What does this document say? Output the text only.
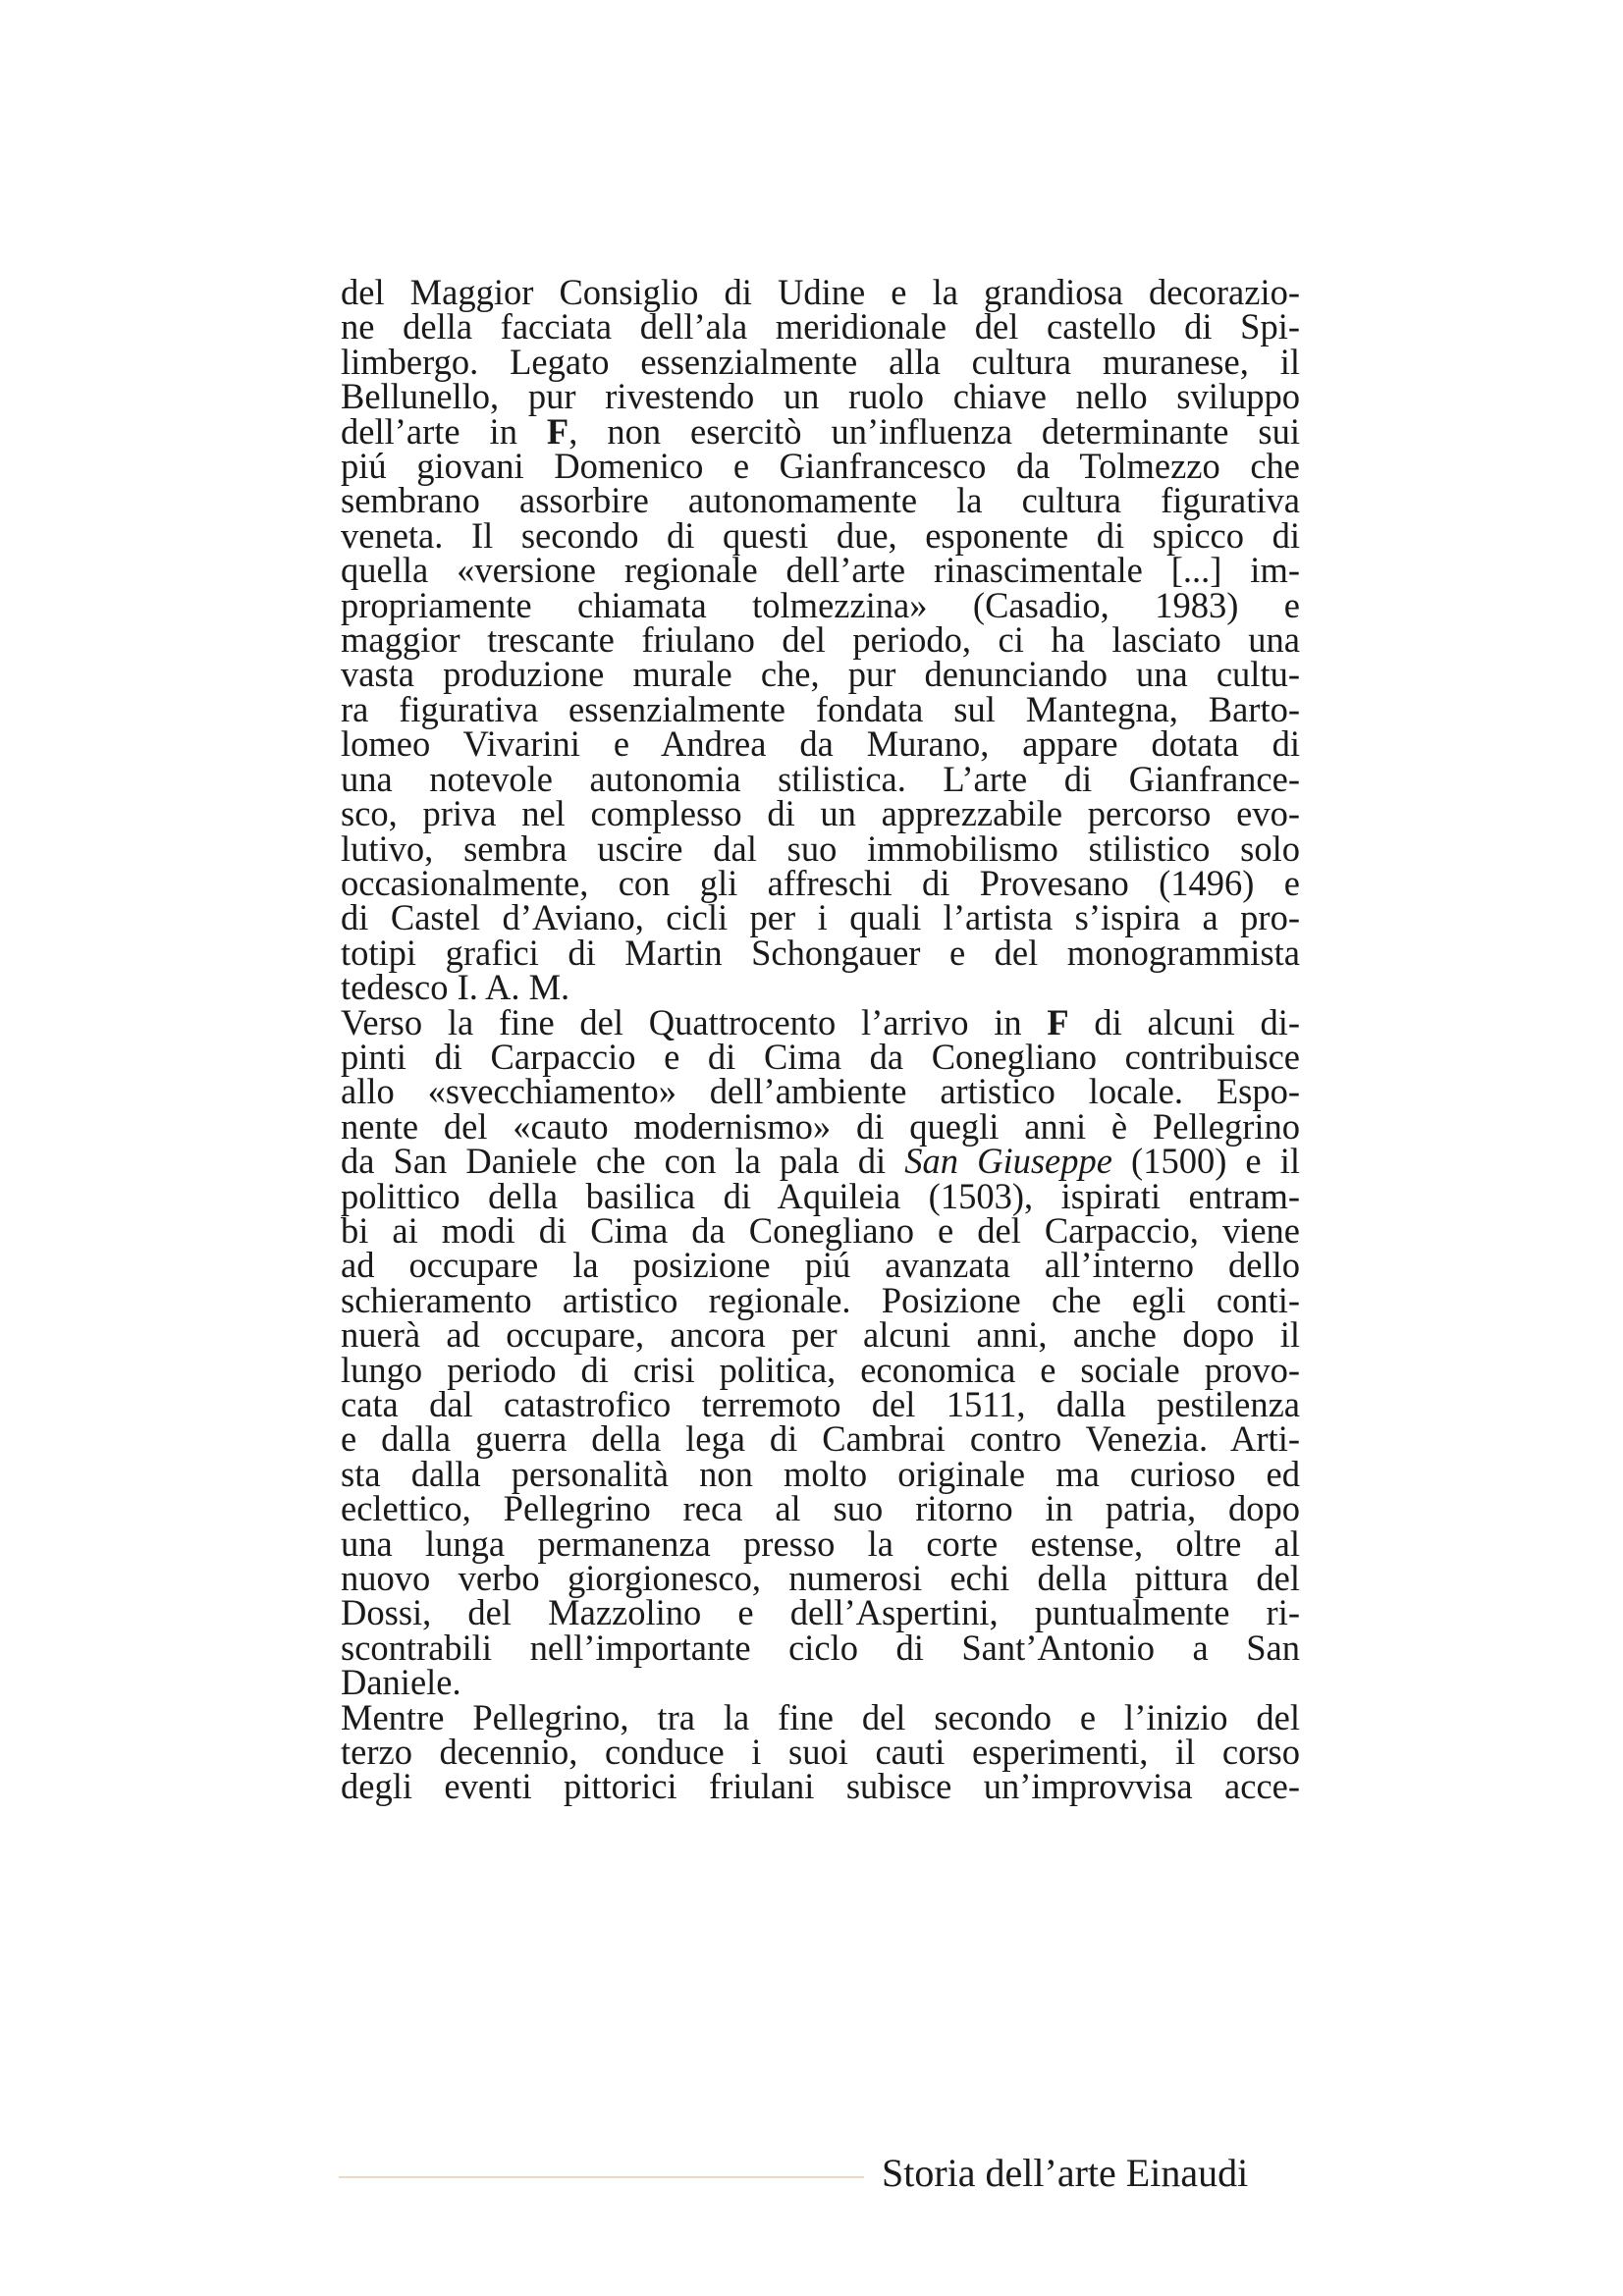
del Maggior Consiglio di Udine e la grandiosa decorazio-
ne della facciata dell’ala meridionale del castello di Spi-
limbergo. Legato essenzialmente alla cultura muranese, il
Bellunello, pur rivestendo un ruolo chiave nello sviluppo
dell’arte in F, non esercitò un’influenza determinante sui
piú giovani Domenico e Gianfrancesco da Tolmezzo che
sembrano assorbire autonomamente la cultura figurativa
veneta. Il secondo di questi due, esponente di spicco di
quella «versione regionale dell’arte rinascimentale [...] im-
propriamente chiamata tolmezzina» (Casadio, 1983) e
maggior trescante friulano del periodo, ci ha lasciato una
vasta produzione murale che, pur denunciando una cultu-
ra figurativa essenzialmente fondata sul Mantegna, Barto-
lomeo Vivarini e Andrea da Murano, appare dotata di
una notevole autonomia stilistica. L’arte di Gianfrance-
sco, priva nel complesso di un apprezzabile percorso evo-
lutivo, sembra uscire dal suo immobilismo stilistico solo
occasionalmente, con gli affreschi di Provesano (1496) e
di Castel d’Aviano, cicli per i quali l’artista s’ispira a pro-
totipi grafici di Martin Schongauer e del monogrammista
tedesco I. A. M.

Verso la fine del Quattrocento l’arrivo in F di alcuni di-
pinti di Carpaccio e di Cima da Conegliano contribuisce
allo «svecchiamento» dell’ambiente artistico locale. Espo-
nente del «cauto modernismo» di quegli anni è Pellegrino
da San Daniele che con la pala di San Giuseppe (1500) e il
polittico della basilica di Aquileia (1503), ispirati entram-
bi ai modi di Cima da Conegliano e del Carpaccio, viene
ad occupare la posizione piú avanzata all’interno dello
schieramento artistico regionale. Posizione che egli conti-
nuerà ad occupare, ancora per alcuni anni, anche dopo il
lungo periodo di crisi politica, economica e sociale provo-
cata dal catastrofico terremoto del 1511, dalla pestilenza
e dalla guerra della lega di Cambrai contro Venezia. Arti-
sta dalla personalità non molto originale ma curioso ed
eclettico, Pellegrino reca al suo ritorno in patria, dopo
una lunga permanenza presso la corte estense, oltre al
nuovo verbo giorgionesco, numerosi echi della pittura del
Dossi, del Mazzolino e dell’Aspertini, puntualmente ri-
scontrabili nell’importante ciclo di Sant’Antonio a San
Daniele.

Mentre Pellegrino, tra la fine del secondo e l’inizio del
terzo decennio, conduce i suoi cauti esperimenti, il corso
degli eventi pittorici friulani subisce un’improvvisa acce-

Storia dell’arte Einaudi
